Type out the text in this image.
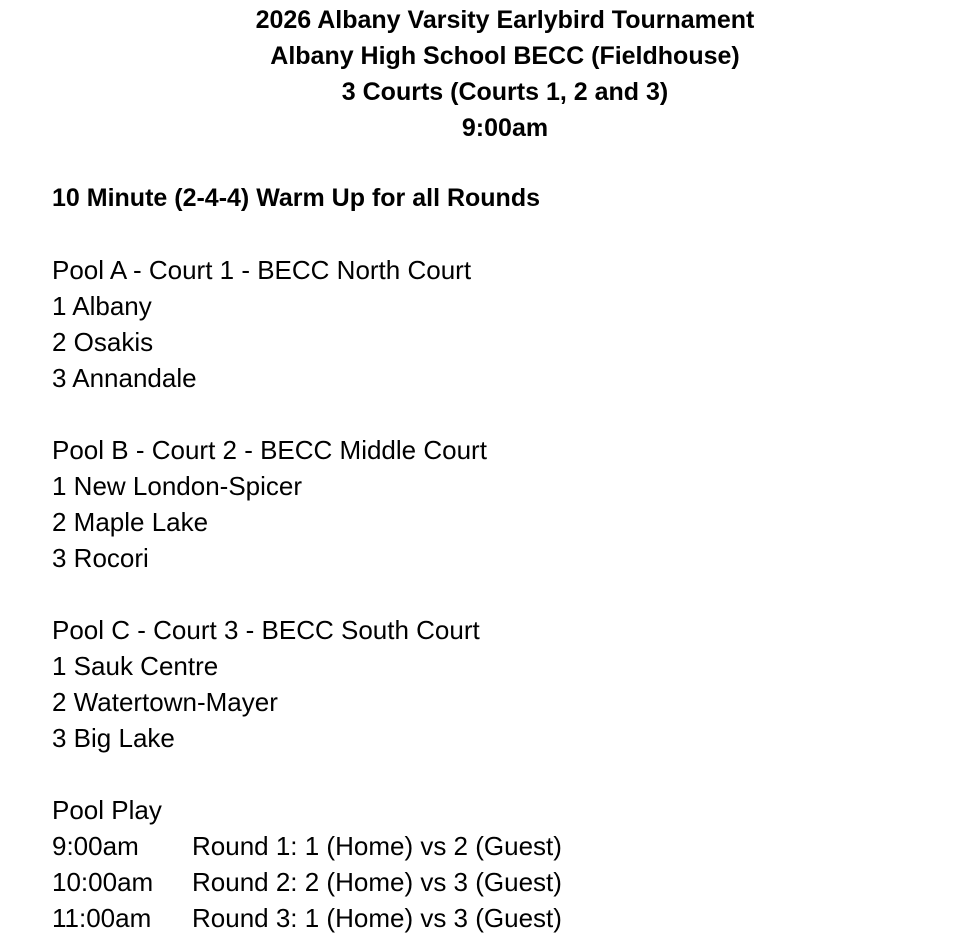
2026 Albany Varsity Earlybird Tournament
Albany High School BECC (Fieldhouse)
3 Courts (Courts 1, 2 and 3)
9:00am
10 Minute (2-4-4) Warm Up for all Rounds
Pool A - Court 1 - BECC North Court
1 Albany
2 Osakis
3 Annandale
Pool B - Court 2 - BECC Middle Court
1 New London-Spicer
2 Maple Lake
3 Rocori
Pool C - Court 3 - BECC South Court
1 Sauk Centre
2 Watertown-Mayer
3 Big Lake
Pool Play
9:00am	Round 1: 1 (Home) vs 2 (Guest)
10:00am	Round 2: 2 (Home) vs 3 (Guest)
11:00am	Round 3: 1 (Home) vs 3 (Guest)
